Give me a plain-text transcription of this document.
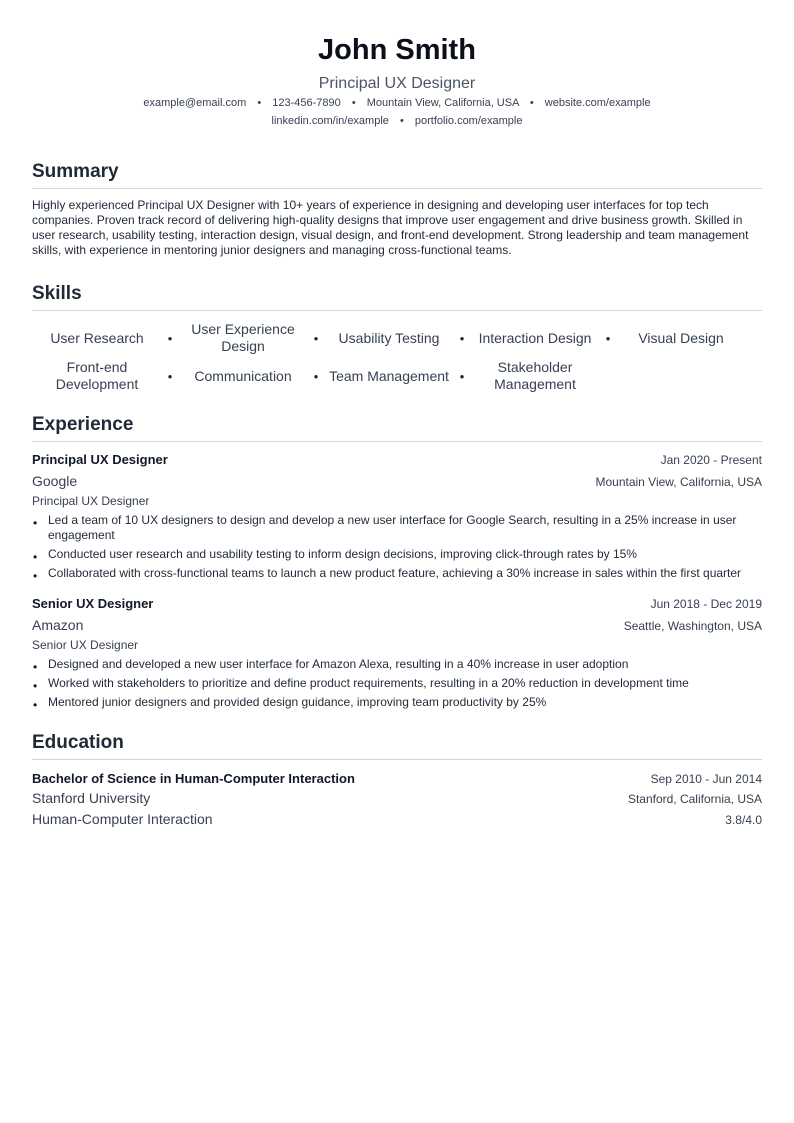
John Smith
Principal UX Designer
example@email.com • 123-456-7890 • Mountain View, California, USA • website.com/example
linkedin.com/in/example • portfolio.com/example
Summary
Highly experienced Principal UX Designer with 10+ years of experience in designing and developing user interfaces for top tech companies. Proven track record of delivering high-quality designs that improve user engagement and drive business growth. Skilled in user research, usability testing, interaction design, visual design, and front-end development. Strong leadership and team management skills, with experience in mentoring junior designers and managing cross-functional teams.
Skills
User Research	•
User Experience Design	•	Usability Testing	•	Interaction Design	•	Visual Design
Front-end Development	•	Communication	• Team Management •
Stakeholder Management
Experience
Principal UX Designer	Jan 2020 - Present
Google	Mountain View, California, USA
Principal UX Designer
• Led a team of 10 UX designers to design and develop a new user interface for Google Search, resulting in a 25% increase in user engagement
• Conducted user research and usability testing to inform design decisions, improving click-through rates by 15%
• Collaborated with cross-functional teams to launch a new product feature, achieving a 30% increase in sales within the first quarter
Senior UX Designer	Jun 2018 - Dec 2019
Amazon	Seattle, Washington, USA
Senior UX Designer
• Designed and developed a new user interface for Amazon Alexa, resulting in a 40% increase in user adoption
• Worked with stakeholders to prioritize and define product requirements, resulting in a 20% reduction in development time
• Mentored junior designers and provided design guidance, improving team productivity by 25%
Education
Bachelor of Science in Human-Computer Interaction	Sep 2010 - Jun 2014
Stanford University	Stanford, California, USA
Human-Computer Interaction	3.8/4.0
